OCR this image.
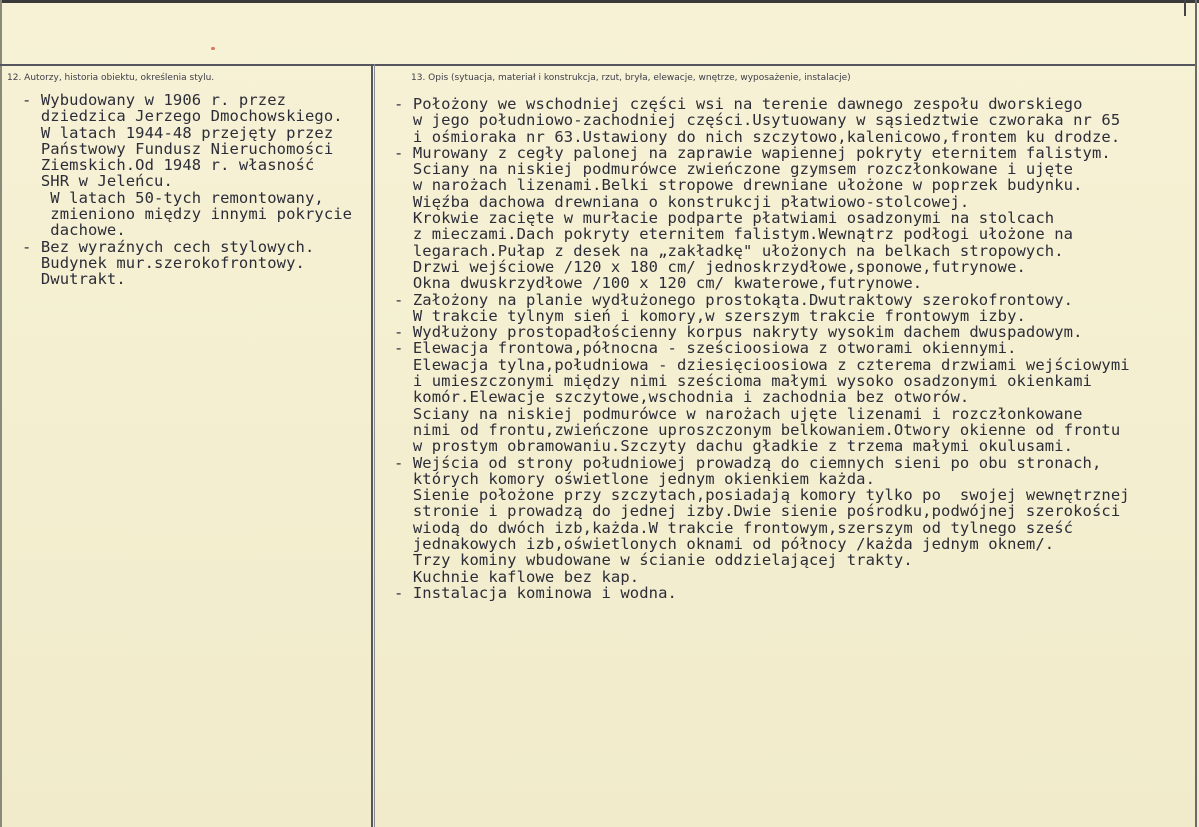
12. Autorzy, historia obiektu, określenia stylu.	13. Opis (sytuacja, materiał i konstrukcja, rzut, bryła, elewacje, wnętrze, wyposażenie, instalacje)
- Wybudowany w 1906 r. przez
dziedzica Jerzego Dmochowskiego.
W latach 1944-48 przejęty przez
Państwowy Fundusz Nieruchomości
Ziemskich.Od 1948 r. własność
SHR w Jeleńcu.
W latach 50-tych remontowany,
zmieniono między innymi pokrycie
dachowe.
- Bez wyraźnych cech stylowych.
Budynek mur.szerokofrontowy.
Dwutrakt.
- Położony we wschodniej części wsi na terenie dawnego zespołu dworskiego
w jego południowo-zachodniej części.Usytuowany w sąsiedztwie czworaka nr 65
i ośmioraka nr 63.Ustawiony do nich szczytowo,kalenicowo,frontem ku drodze.
- Murowany z cegły palonej na zaprawie wapiennej pokryty eternitem falistym.
Sciany na niskiej podmurówce zwieńczone gzymsem rozczłonkowane i ujęte
w narożach lizenami.Belki stropowe drewniane ułożone w poprzek budynku.
Więźba dachowa drewniana o konstrukcji płatwiowo-stolcowej.
Krokwie zacięte w murłacie podparte płatwiami osadzonymi na stolcach
z mieczami.Dach pokryty eternitem falistym.Wewnątrz podłogi ułożone na
legarach.Pułap z desek na „zakładkę" ułożonych na belkach stropowych.
Drzwi wejściowe /120 x 180 cm/ jednoskrzydłowe,sponowe,futrynowe.
Okna dwuskrzydłowe /100 x 120 cm/ kwaterowe,futrynowe.
- Założony na planie wydłużonego prostokąta.Dwutraktowy szerokofrontowy.
W trakcie tylnym sień i komory,w szerszym trakcie frontowym izby.
- Wydłużony prostopadłościenny korpus nakryty wysokim dachem dwuspadowym.
- Elewacja frontowa,północna - sześcioosiowa z otworami okiennymi.
Elewacja tylna,południowa - dziesięcioosiowa z czterema drzwiami wejściowymi
i umieszczonymi między nimi sześcioma małymi wysoko osadzonymi okienkami
komór.Elewacje szczytowe,wschodnia i zachodnia bez otworów.
Sciany na niskiej podmurówce w narożach ujęte lizenami i rozczłonkowane
nimi od frontu,zwieńczone uproszczonym belkowaniem.Otwory okienne od frontu
w prostym obramowaniu.Szczyty dachu gładkie z trzema małymi okulusami.
- Wejścia od strony południowej prowadzą do ciemnych sieni po obu stronach,
których komory oświetlone jednym okienkiem każda.
Sienie położone przy szczytach,posiadają komory tylko po  swojej wewnętrznej
stronie i prowadzą do jednej izby.Dwie sienie pośrodku,podwójnej szerokości
wiodą do dwóch izb,każda.W trakcie frontowym,szerszym od tylnego sześć
jednakowych izb,oświetlonych oknami od północy /każda jednym oknem/.
Trzy kominy wbudowane w ścianie oddzielającej trakty.
Kuchnie kaflowe bez kap.
- Instalacja kominowa i wodna.
